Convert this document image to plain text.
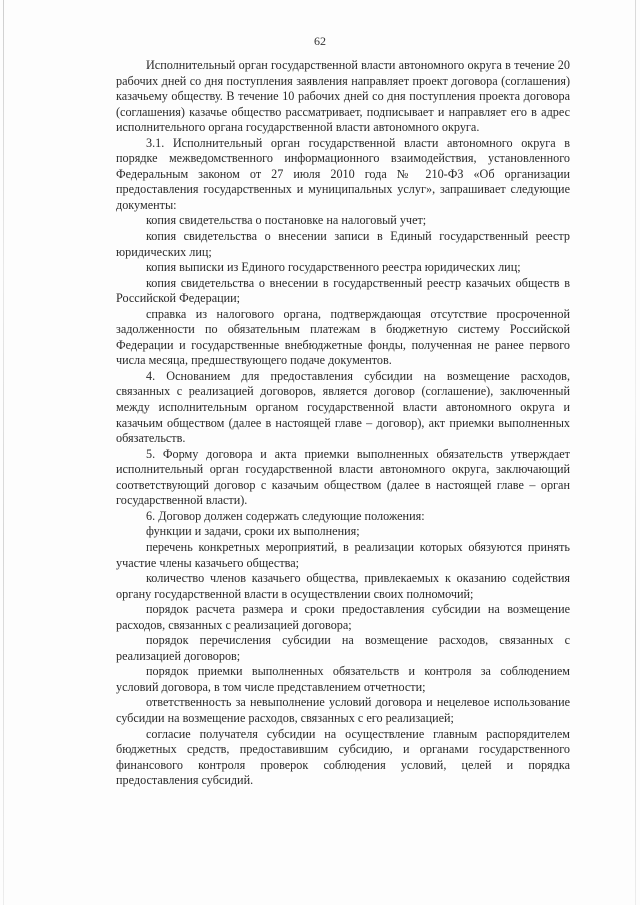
62

Исполнительный орган государственной власти автономного округа в течение 20 рабочих дней со дня поступления заявления направляет проект договора (соглашения) казачьему обществу. В течение 10 рабочих дней со дня поступления проекта договора (соглашения) казачье общество рассматривает, подписывает и направляет его в адрес исполнительного органа государственной власти автономного округа.

3.1. Исполнительный орган государственной власти автономного округа в порядке межведомственного информационного взаимодействия, установленного Федеральным законом от 27 июля 2010 года № 210-ФЗ «Об организации предоставления государственных и муниципальных услуг», запрашивает следующие документы:

копия свидетельства о постановке на налоговый учет;

копия свидетельства о внесении записи в Единый государственный реестр юридических лиц;

копия выписки из Единого государственного реестра юридических лиц;

копия свидетельства о внесении в государственный реестр казачьих обществ в Российской Федерации;

справка из налогового органа, подтверждающая отсутствие просроченной задолженности по обязательным платежам в бюджетную систему Российской Федерации и государственные внебюджетные фонды, полученная не ранее первого числа месяца, предшествующего подаче документов.

4. Основанием для предоставления субсидии на возмещение расходов, связанных с реализацией договоров, является договор (соглашение), заключенный между исполнительным органом государственной власти автономного округа и казачьим обществом (далее в настоящей главе – договор), акт приемки выполненных обязательств.

5. Форму договора и акта приемки выполненных обязательств утверждает исполнительный орган государственной власти автономного округа, заключающий соответствующий договор с казачьим обществом (далее в настоящей главе – орган государственной власти).

6. Договор должен содержать следующие положения:

функции и задачи, сроки их выполнения;

перечень конкретных мероприятий, в реализации которых обязуются принять участие члены казачьего общества;

количество членов казачьего общества, привлекаемых к оказанию содействия органу государственной власти в осуществлении своих полномочий;

порядок расчета размера и сроки предоставления субсидии на возмещение расходов, связанных с реализацией договора;

порядок перечисления субсидии на возмещение расходов, связанных с реализацией договоров;

порядок приемки выполненных обязательств и контроля за соблюдением условий договора, в том числе представлением отчетности;

ответственность за невыполнение условий договора и нецелевое использование субсидии на возмещение расходов, связанных с его реализацией;

согласие получателя субсидии на осуществление главным распорядителем бюджетных средств, предоставившим субсидию, и органами государственного финансового контроля проверок соблюдения условий, целей и порядка предоставления субсидий.
